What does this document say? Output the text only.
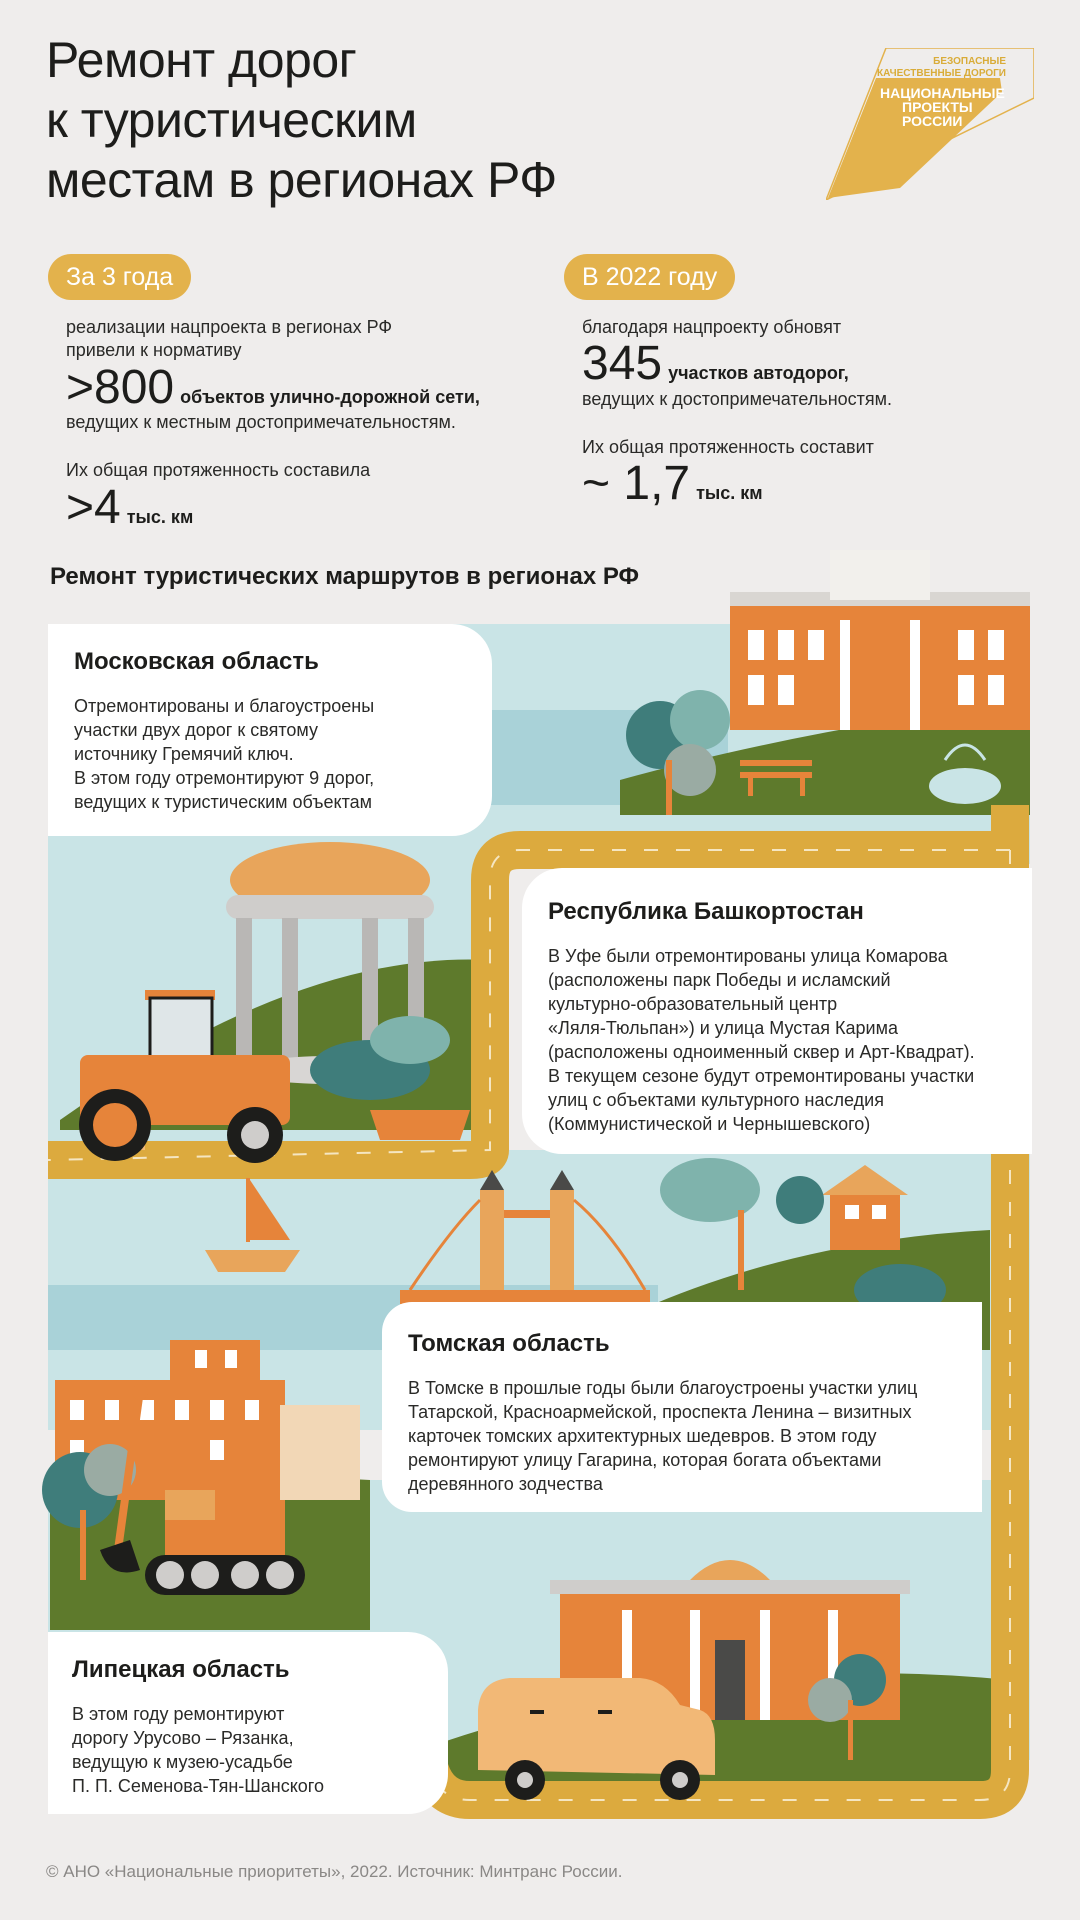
Ремонт дорог
к туристическим
местам в регионах РФ
БЕЗОПАСНЫЕ
КАЧЕСТВЕННЫЕ ДОРОГИ
НАЦИОНАЛЬНЫЕ
ПРОЕКТЫ
РОССИИ
За 3 года
реализации нацпроекта в регионах РФ
привели к нормативу
>800 объектов улично-дорожной сети,
ведущих к местным достопримечательностям.
Их общая протяженность составила
>4 тыс. км
В 2022 году
благодаря нацпроекту обновят
345 участков автодорог,
ведущих к достопримечательностям.
Их общая протяженность составит
~ 1,7 тыс. км
Ремонт туристических маршрутов в регионах РФ
Московская область

Отремонтированы и благоустроены
участки двух дорог к святому
источнику Гремячий ключ.
В этом году отремонтируют 9 дорог,
ведущих к туристическим объектам

Республика Башкортостан

В Уфе были отремонтированы улица Комарова
(расположены парк Победы и исламский
культурно-образовательный центр
«Ляля-Тюльпан») и улица Мустая Карима
(расположены одноименный сквер и Арт-Квадрат).
В текущем сезоне будут отремонтированы участки
улиц с объектами культурного наследия
(Коммунистической и Чернышевского)

Томская область

В Томске в прошлые годы были благоустроены участки улиц
Татарской, Красноармейской, проспекта Ленина – визитных
карточек томских архитектурных шедевров. В этом году
ремонтируют улицу Гагарина, которая богата объектами
деревянного зодчества

Липецкая область

В этом году ремонтируют
дорогу Урусово – Рязанка,
ведущую к музею-усадьбе
П. П. Семенова-Тян-Шанского

© АНО «Национальные приоритеты», 2022. Источник: Минтранс России.
